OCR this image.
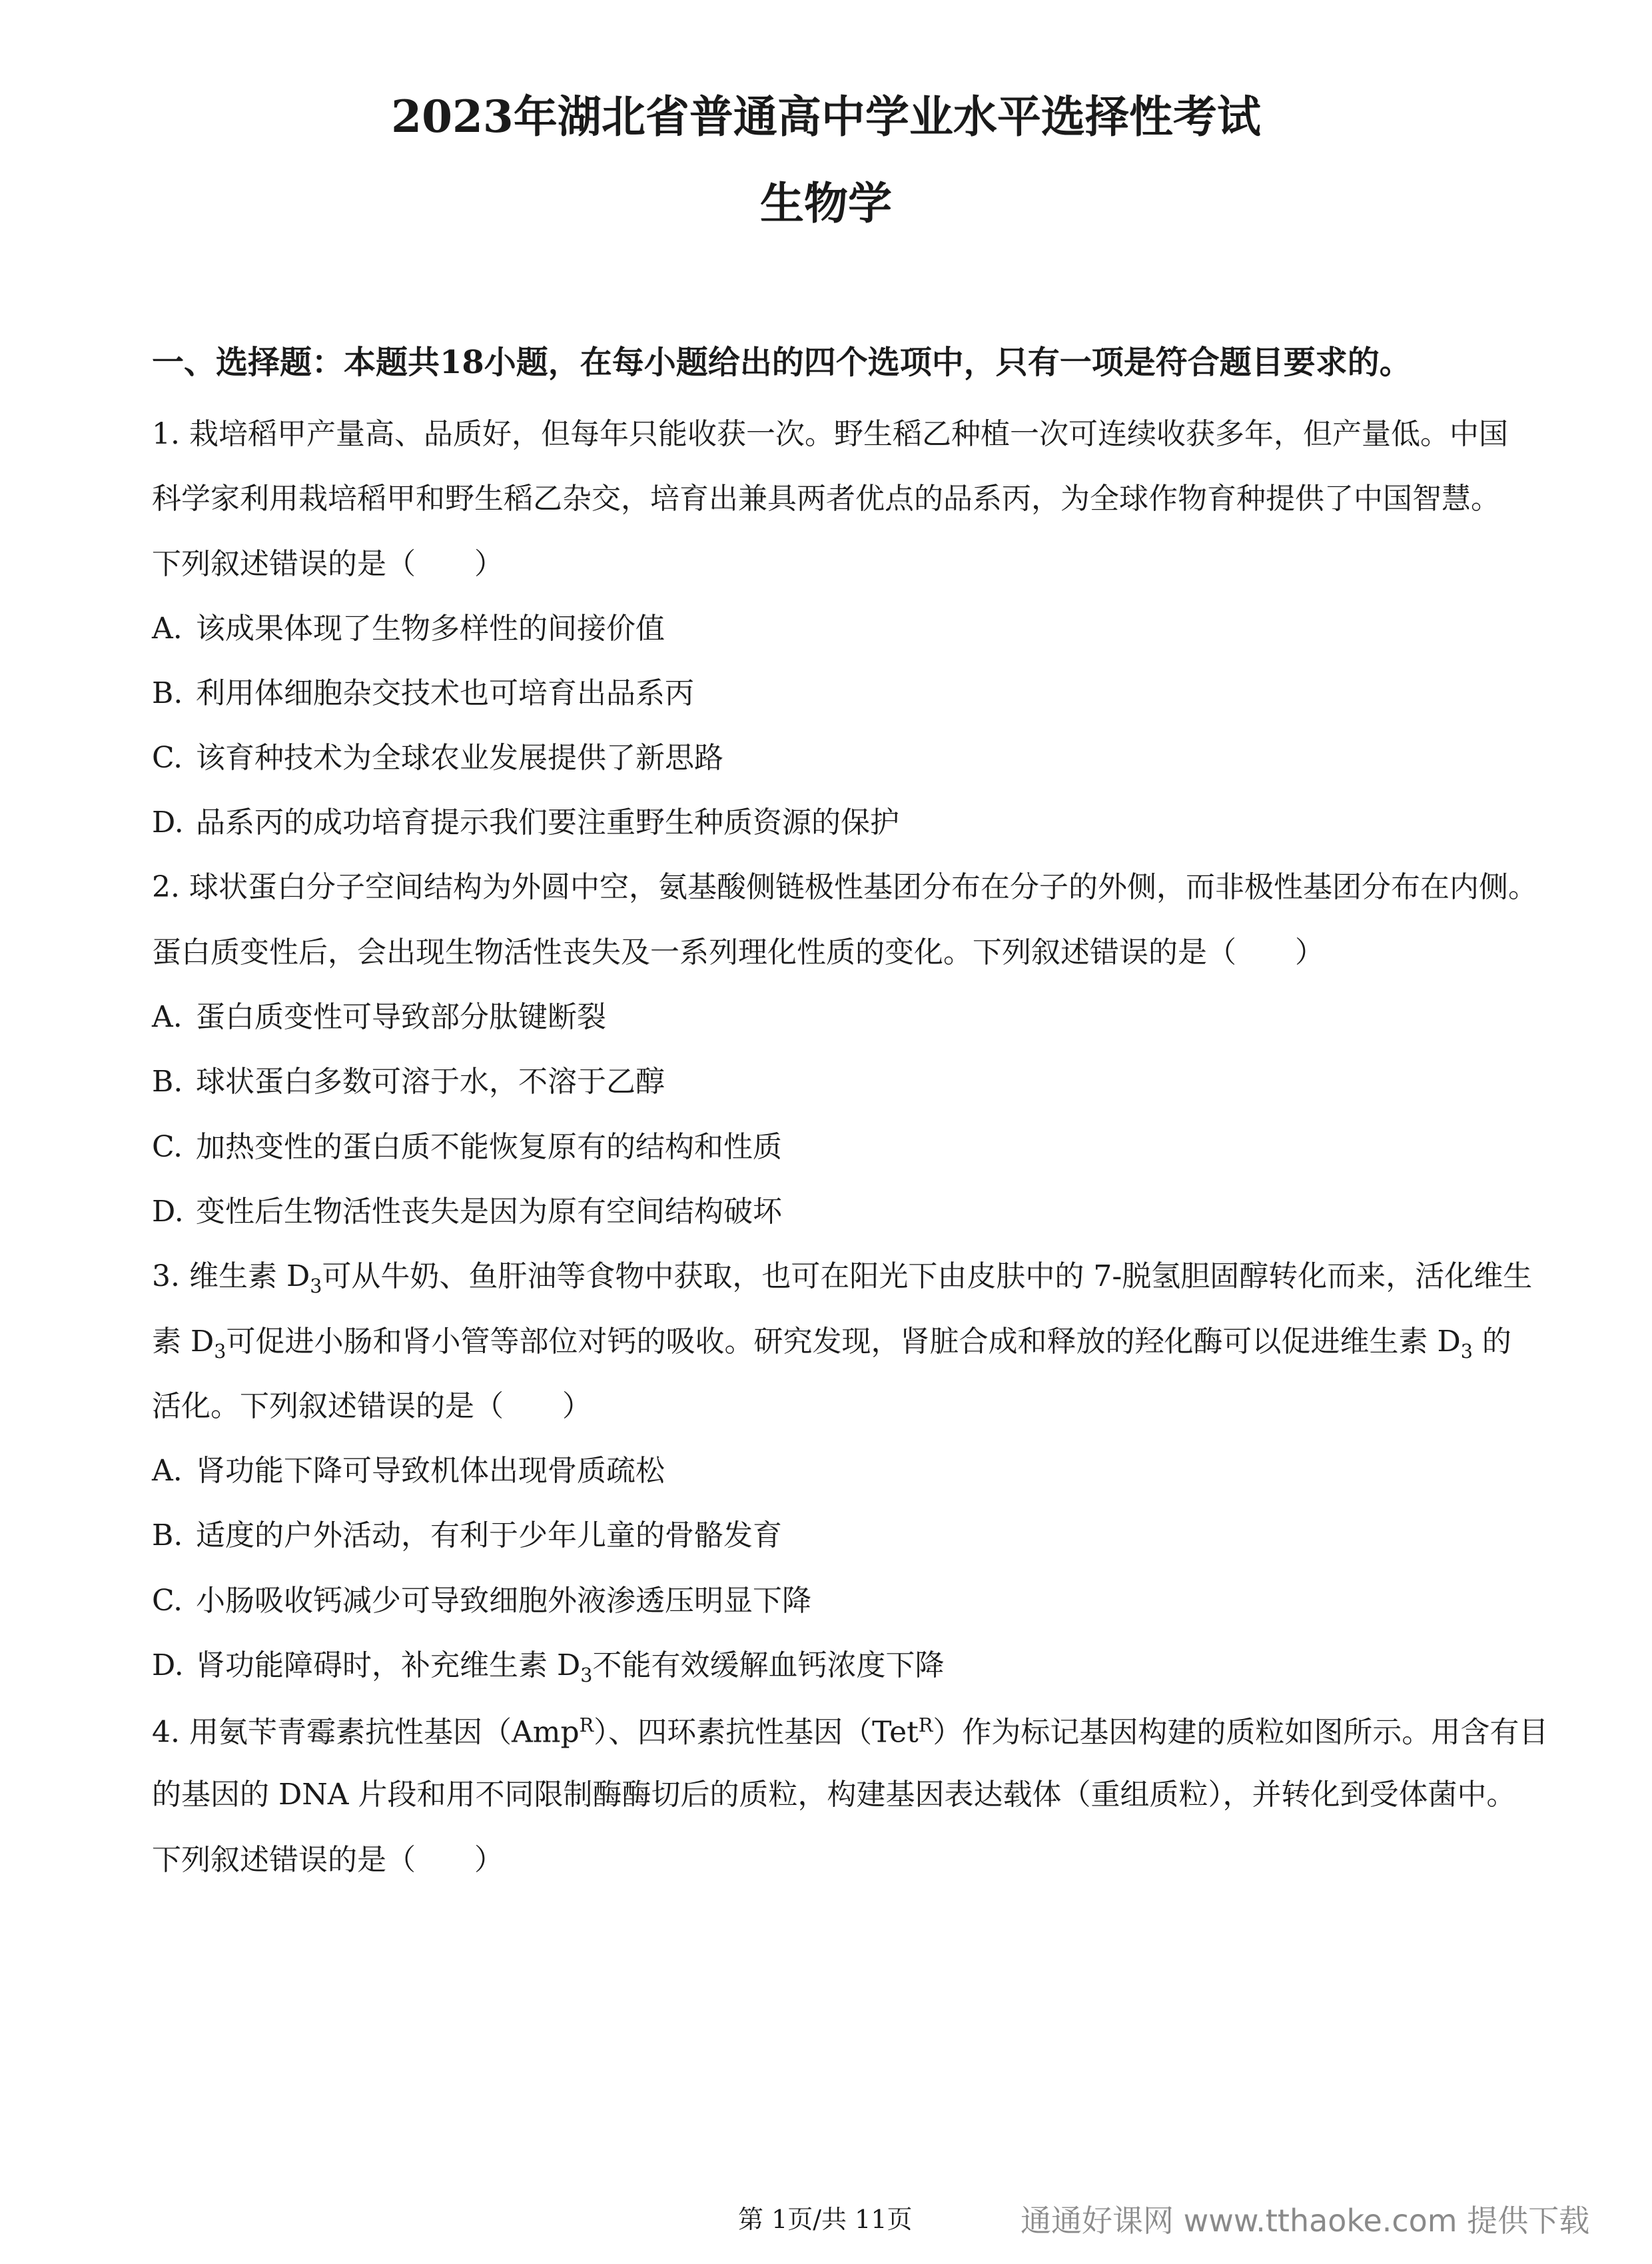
2023年湖北省普通高中学业水平选择性考试
生物学
一、选择题：本题共18小题，在每小题给出的四个选项中，只有一项是符合题目要求的。
1. 栽培稻甲产量高、品质好，但每年只能收获一次。野生稻乙种植一次可连续收获多年，但产量低。中国
科学家利用栽培稻甲和野生稻乙杂交，培育出兼具两者优点的品系丙，为全球作物育种提供了中国智慧。
下列叙述错误的是（　　）
A. 该成果体现了生物多样性的间接价值
B. 利用体细胞杂交技术也可培育出品系丙
C. 该育种技术为全球农业发展提供了新思路
D. 品系丙的成功培育提示我们要注重野生种质资源的保护
2. 球状蛋白分子空间结构为外圆中空，氨基酸侧链极性基团分布在分子的外侧，而非极性基团分布在内侧。
蛋白质变性后，会出现生物活性丧失及一系列理化性质的变化。下列叙述错误的是（　　）
A. 蛋白质变性可导致部分肽键断裂
B. 球状蛋白多数可溶于水，不溶于乙醇
C. 加热变性的蛋白质不能恢复原有的结构和性质
D. 变性后生物活性丧失是因为原有空间结构破坏
3. 维生素 $D_3$可从牛奶、鱼肝油等食物中获取，也可在阳光下由皮肤中的 7-脱氢胆固醇转化而来，活化维生
素 $D_3$可促进小肠和肾小管等部位对钙的吸收。研究发现，肾脏合成和释放的羟化酶可以促进维生素 $D_3$ 的
活化。下列叙述错误的是（　　）
A. 肾功能下降可导致机体出现骨质疏松
B. 适度的户外活动，有利于少年儿童的骨骼发育
C. 小肠吸收钙减少可导致细胞外液渗透压明显下降
D. 肾功能障碍时，补充维生素 $D_3$不能有效缓解血钙浓度下降
4. 用氨苄青霉素抗性基因（Amp$^R$）、四环素抗性基因（Tet$^R$）作为标记基因构建的质粒如图所示。用含有目
的基因的 DNA 片段和用不同限制酶酶切后的质粒，构建基因表达载体（重组质粒），并转化到受体菌中。
下列叙述错误的是（　　）
第 1页/共 11页	通通好课网 www.tthaoke.com 提供下载
